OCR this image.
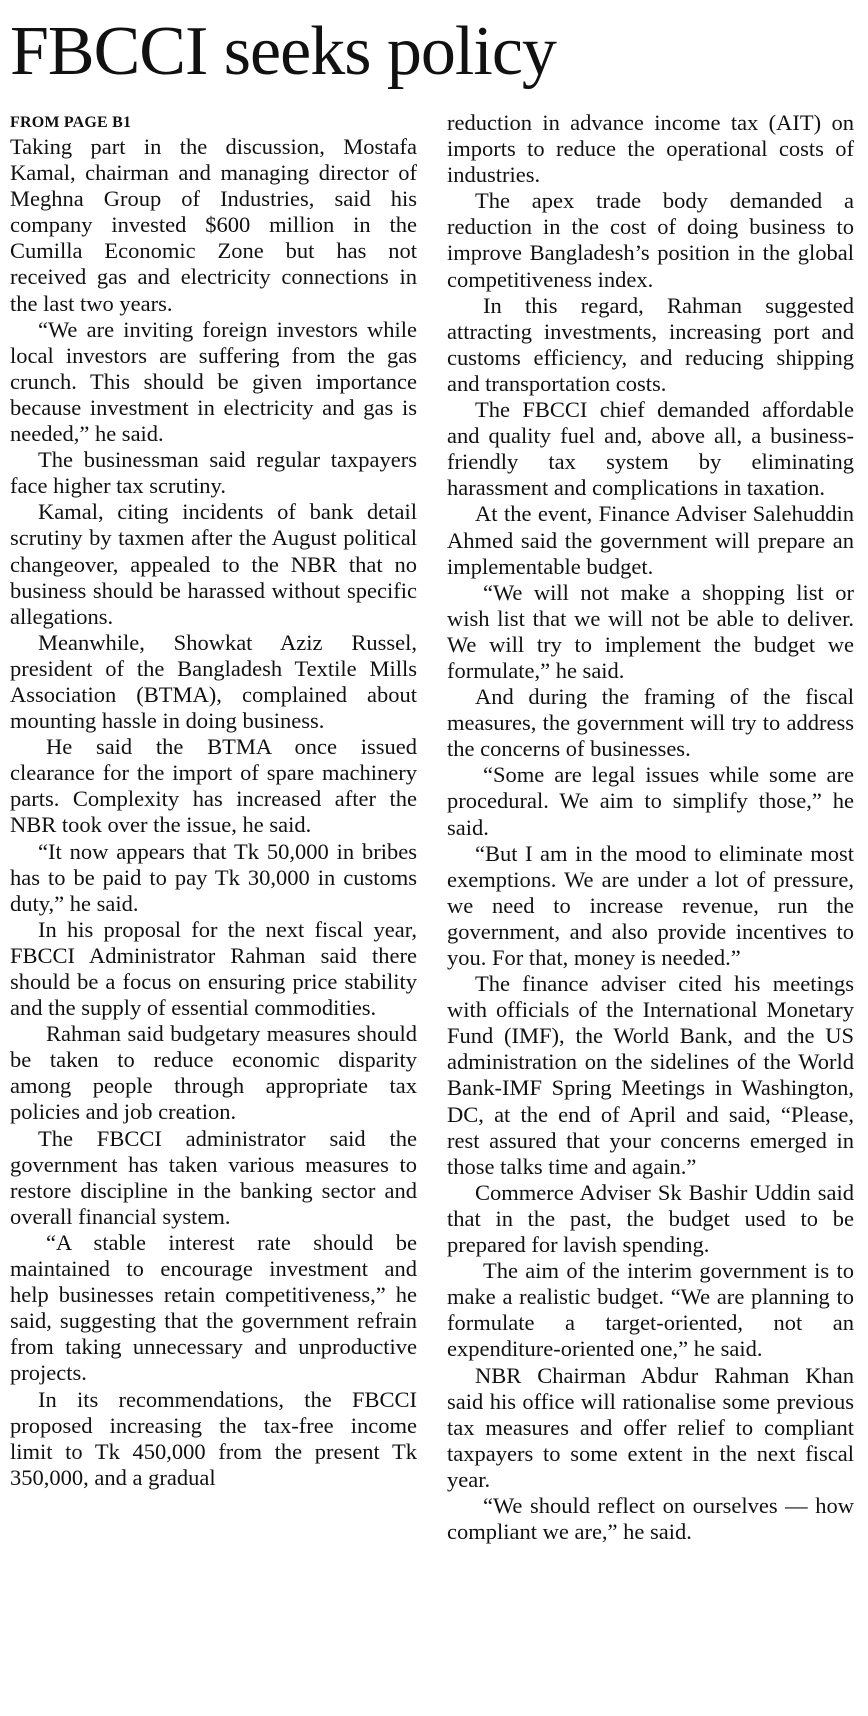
FBCCI seeks policy
FROM PAGE B1

Taking part in the discussion, Mostafa Kamal, chairman and managing director of Meghna Group of Industries, said his company invested $600 million in the Cumilla Economic Zone but has not received gas and electricity connections in the last two years.

“We are inviting foreign investors while local investors are suffering from the gas crunch. This should be given importance because investment in electricity and gas is needed,” he said.

The businessman said regular taxpayers face higher tax scrutiny.

Kamal, citing incidents of bank detail scrutiny by taxmen after the August political changeover, appealed to the NBR that no business should be harassed without specific allegations.

Meanwhile, Showkat Aziz Russel, president of the Bangladesh Textile Mills Association (BTMA), complained about mounting hassle in doing business.

He said the BTMA once issued clearance for the import of spare machinery parts. Complexity has increased after the NBR took over the issue, he said.

“It now appears that Tk 50,000 in bribes has to be paid to pay Tk 30,000 in customs duty,” he said.

In his proposal for the next fiscal year, FBCCI Administrator Rahman said there should be a focus on ensuring price stability and the supply of essential commodities.

Rahman said budgetary measures should be taken to reduce economic disparity among people through appropriate tax policies and job creation.

The FBCCI administrator said the government has taken various measures to restore discipline in the banking sector and overall financial system.

“A stable interest rate should be maintained to encourage investment and help businesses retain competitiveness,” he said, suggesting that the government refrain from taking unnecessary and unproductive projects.

In its recommendations, the FBCCI proposed increasing the tax-free income limit to Tk 450,000 from the present Tk 350,000, and a gradual

reduction in advance income tax (AIT) on imports to reduce the operational costs of industries.

The apex trade body demanded a reduction in the cost of doing business to improve Bangladesh’s position in the global competitiveness index.

In this regard, Rahman suggested attracting investments, increasing port and customs efficiency, and reducing shipping and transportation costs.

The FBCCI chief demanded affordable and quality fuel and, above all, a business-friendly tax system by eliminating harassment and complications in taxation.

At the event, Finance Adviser Salehuddin Ahmed said the government will prepare an implementable budget.

“We will not make a shopping list or wish list that we will not be able to deliver. We will try to implement the budget we formulate,” he said.

And during the framing of the fiscal measures, the government will try to address the concerns of businesses.

“Some are legal issues while some are procedural. We aim to simplify those,” he said.

“But I am in the mood to eliminate most exemptions. We are under a lot of pressure, we need to increase revenue, run the government, and also provide incentives to you. For that, money is needed.”

The finance adviser cited his meetings with officials of the International Monetary Fund (IMF), the World Bank, and the US administration on the sidelines of the World Bank-IMF Spring Meetings in Washington, DC, at the end of April and said, “Please, rest assured that your concerns emerged in those talks time and again.”

Commerce Adviser Sk Bashir Uddin said that in the past, the budget used to be prepared for lavish spending.

The aim of the interim government is to make a realistic budget. “We are planning to formulate a target-oriented, not an expenditure-oriented one,” he said.

NBR Chairman Abdur Rahman Khan said his office will rationalise some previous tax measures and offer relief to compliant taxpayers to some extent in the next fiscal year.

“We should reflect on ourselves — how compliant we are,” he said.
